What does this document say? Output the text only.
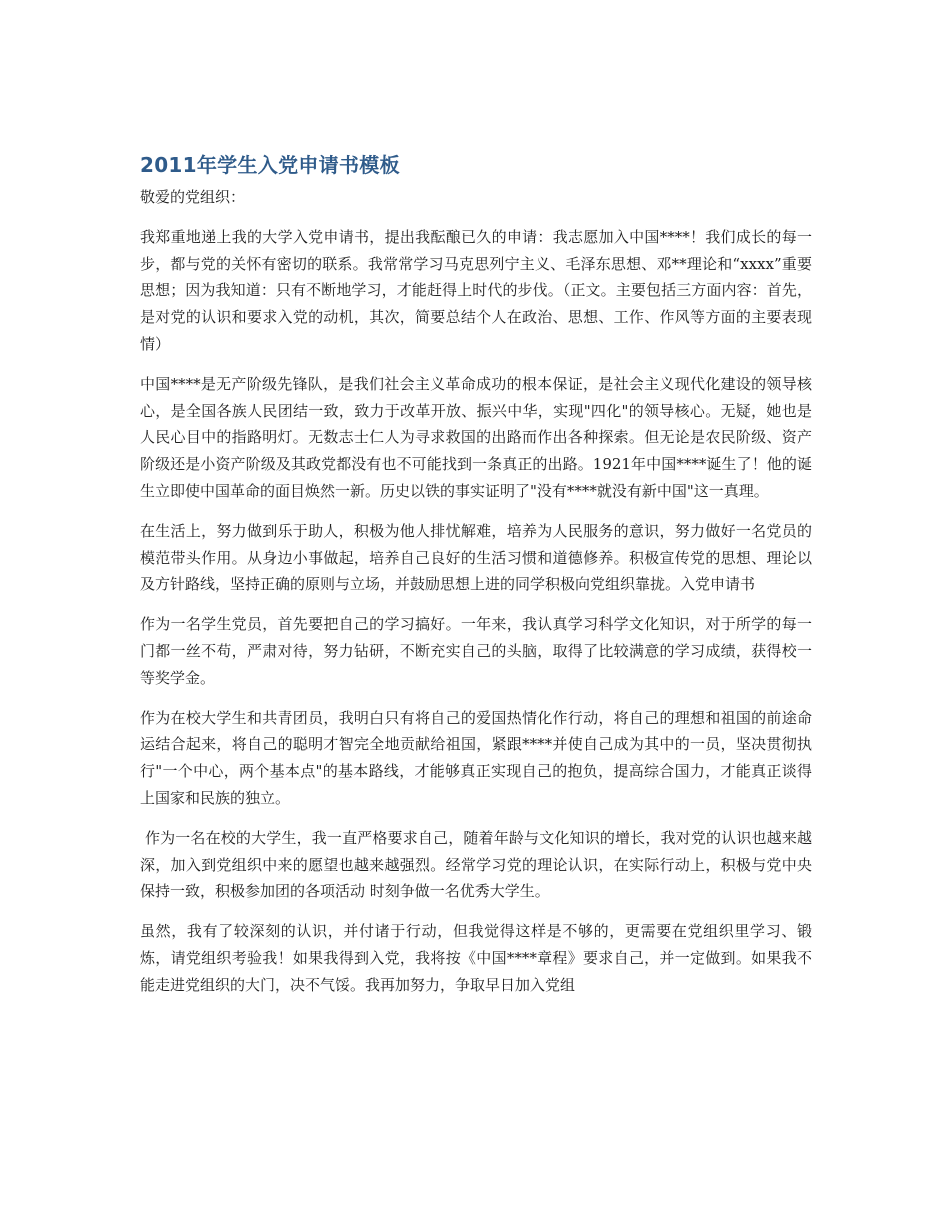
2011年学生入党申请书模板
敬爱的党组织：

我郑重地递上我的大学入党申请书，提出我酝酿已久的申请：我志愿加入中国****！我们成长的每一步，都与党的关怀有密切的联系。我常常学习马克思列宁主义、毛泽东思想、邓**理论和“xxxx”重要思想；因为我知道：只有不断地学习，才能赶得上时代的步伐。（正文。主要包括三方面内容：首先，是对党的认识和要求入党的动机，其次，简要总结个人在政治、思想、工作、作风等方面的主要表现情）

中国****是无产阶级先锋队，是我们社会主义革命成功的根本保证，是社会主义现代化建设的领导核心，是全国各族人民团结一致，致力于改革开放、振兴中华，实现"四化"的领导核心。无疑，她也是人民心目中的指路明灯。无数志士仁人为寻求救国的出路而作出各种探索。但无论是农民阶级、资产阶级还是小资产阶级及其政党都没有也不可能找到一条真正的出路。1921年中国****诞生了！他的诞生立即使中国革命的面目焕然一新。历史以铁的事实证明了"没有****就没有新中国"这一真理。

在生活上，努力做到乐于助人，积极为他人排忧解难，培养为人民服务的意识，努力做好一名党员的模范带头作用。从身边小事做起，培养自己良好的生活习惯和道德修养。积极宣传党的思想、理论以及方针路线，坚持正确的原则与立场，并鼓励思想上进的同学积极向党组织靠拢。入党申请书

作为一名学生党员，首先要把自己的学习搞好。一年来，我认真学习科学文化知识，对于所学的每一门都一丝不苟，严肃对待，努力钻研，不断充实自己的头脑，取得了比较满意的学习成绩，获得校一等奖学金。

作为在校大学生和共青团员，我明白只有将自己的爱国热情化作行动，将自己的理想和祖国的前途命运结合起来，将自己的聪明才智完全地贡献给祖国，紧跟****并使自己成为其中的一员，坚决贯彻执行"一个中心，两个基本点"的基本路线，才能够真正实现自己的抱负，提高综合国力，才能真正谈得上国家和民族的独立。

作为一名在校的大学生，我一直严格要求自己，随着年龄与文化知识的增长，我对党的认识也越来越深，加入到党组织中来的愿望也越来越强烈。经常学习党的理论认识，在实际行动上，积极与党中央保持一致，积极参加团的各项活动 时刻争做一名优秀大学生。

虽然，我有了较深刻的认识，并付诸于行动，但我觉得这样是不够的，更需要在党组织里学习、锻炼，请党组织考验我！如果我得到入党，我将按《中国****章程》要求自己，并一定做到。如果我不能走进党组织的大门，决不气馁。我再加努力，争取早日加入党组
